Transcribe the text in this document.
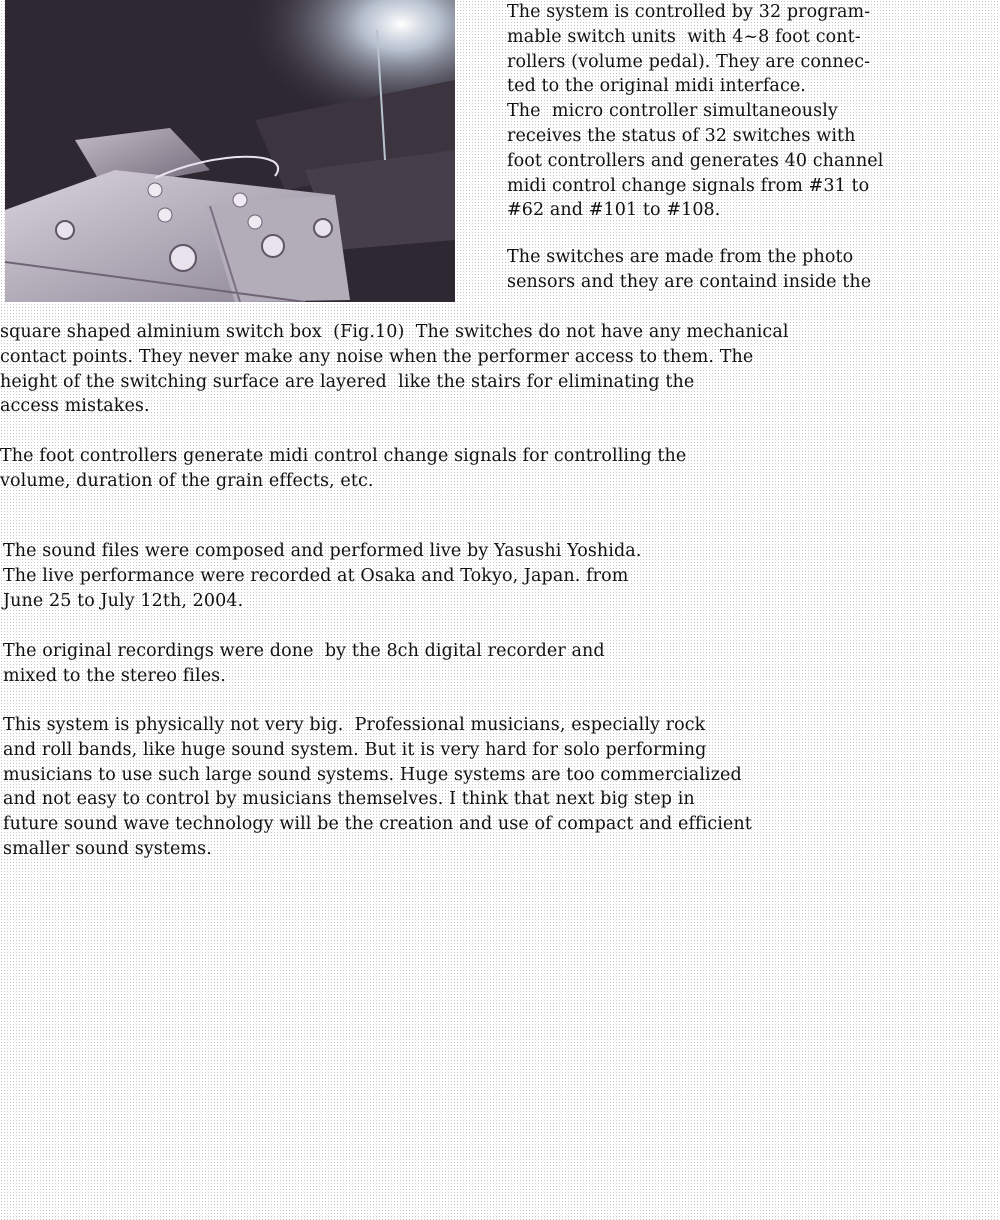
The system is controlled by 32 program-
mable switch units  with 4~8 foot cont-
rollers (volume pedal). They are connec-
ted to the original midi interface.
The  micro controller simultaneously
receives the status of 32 switches with
foot controllers and generates 40 channel
midi control change signals from #31 to
#62 and #101 to #108.

The switches are made from the photo
sensors and they are containd inside the

square shaped alminium switch box  (Fig.10)  The switches do not have any mechanical
contact points. They never make any noise when the performer access to them. The
height of the switching surface are layered  like the stairs for eliminating the
access mistakes.

The foot controllers generate midi control change signals for controlling the
volume, duration of the grain effects, etc.

The sound files were composed and performed live by Yasushi Yoshida.
The live performance were recorded at Osaka and Tokyo, Japan. from
June 25 to July 12th, 2004.

The original recordings were done  by the 8ch digital recorder and
mixed to the stereo files.

This system is physically not very big.  Professional musicians, especially rock
and roll bands, like huge sound system. But it is very hard for solo performing
musicians to use such large sound systems. Huge systems are too commercialized
and not easy to control by musicians themselves. I think that next big step in
future sound wave technology will be the creation and use of compact and efficient
smaller sound systems.
